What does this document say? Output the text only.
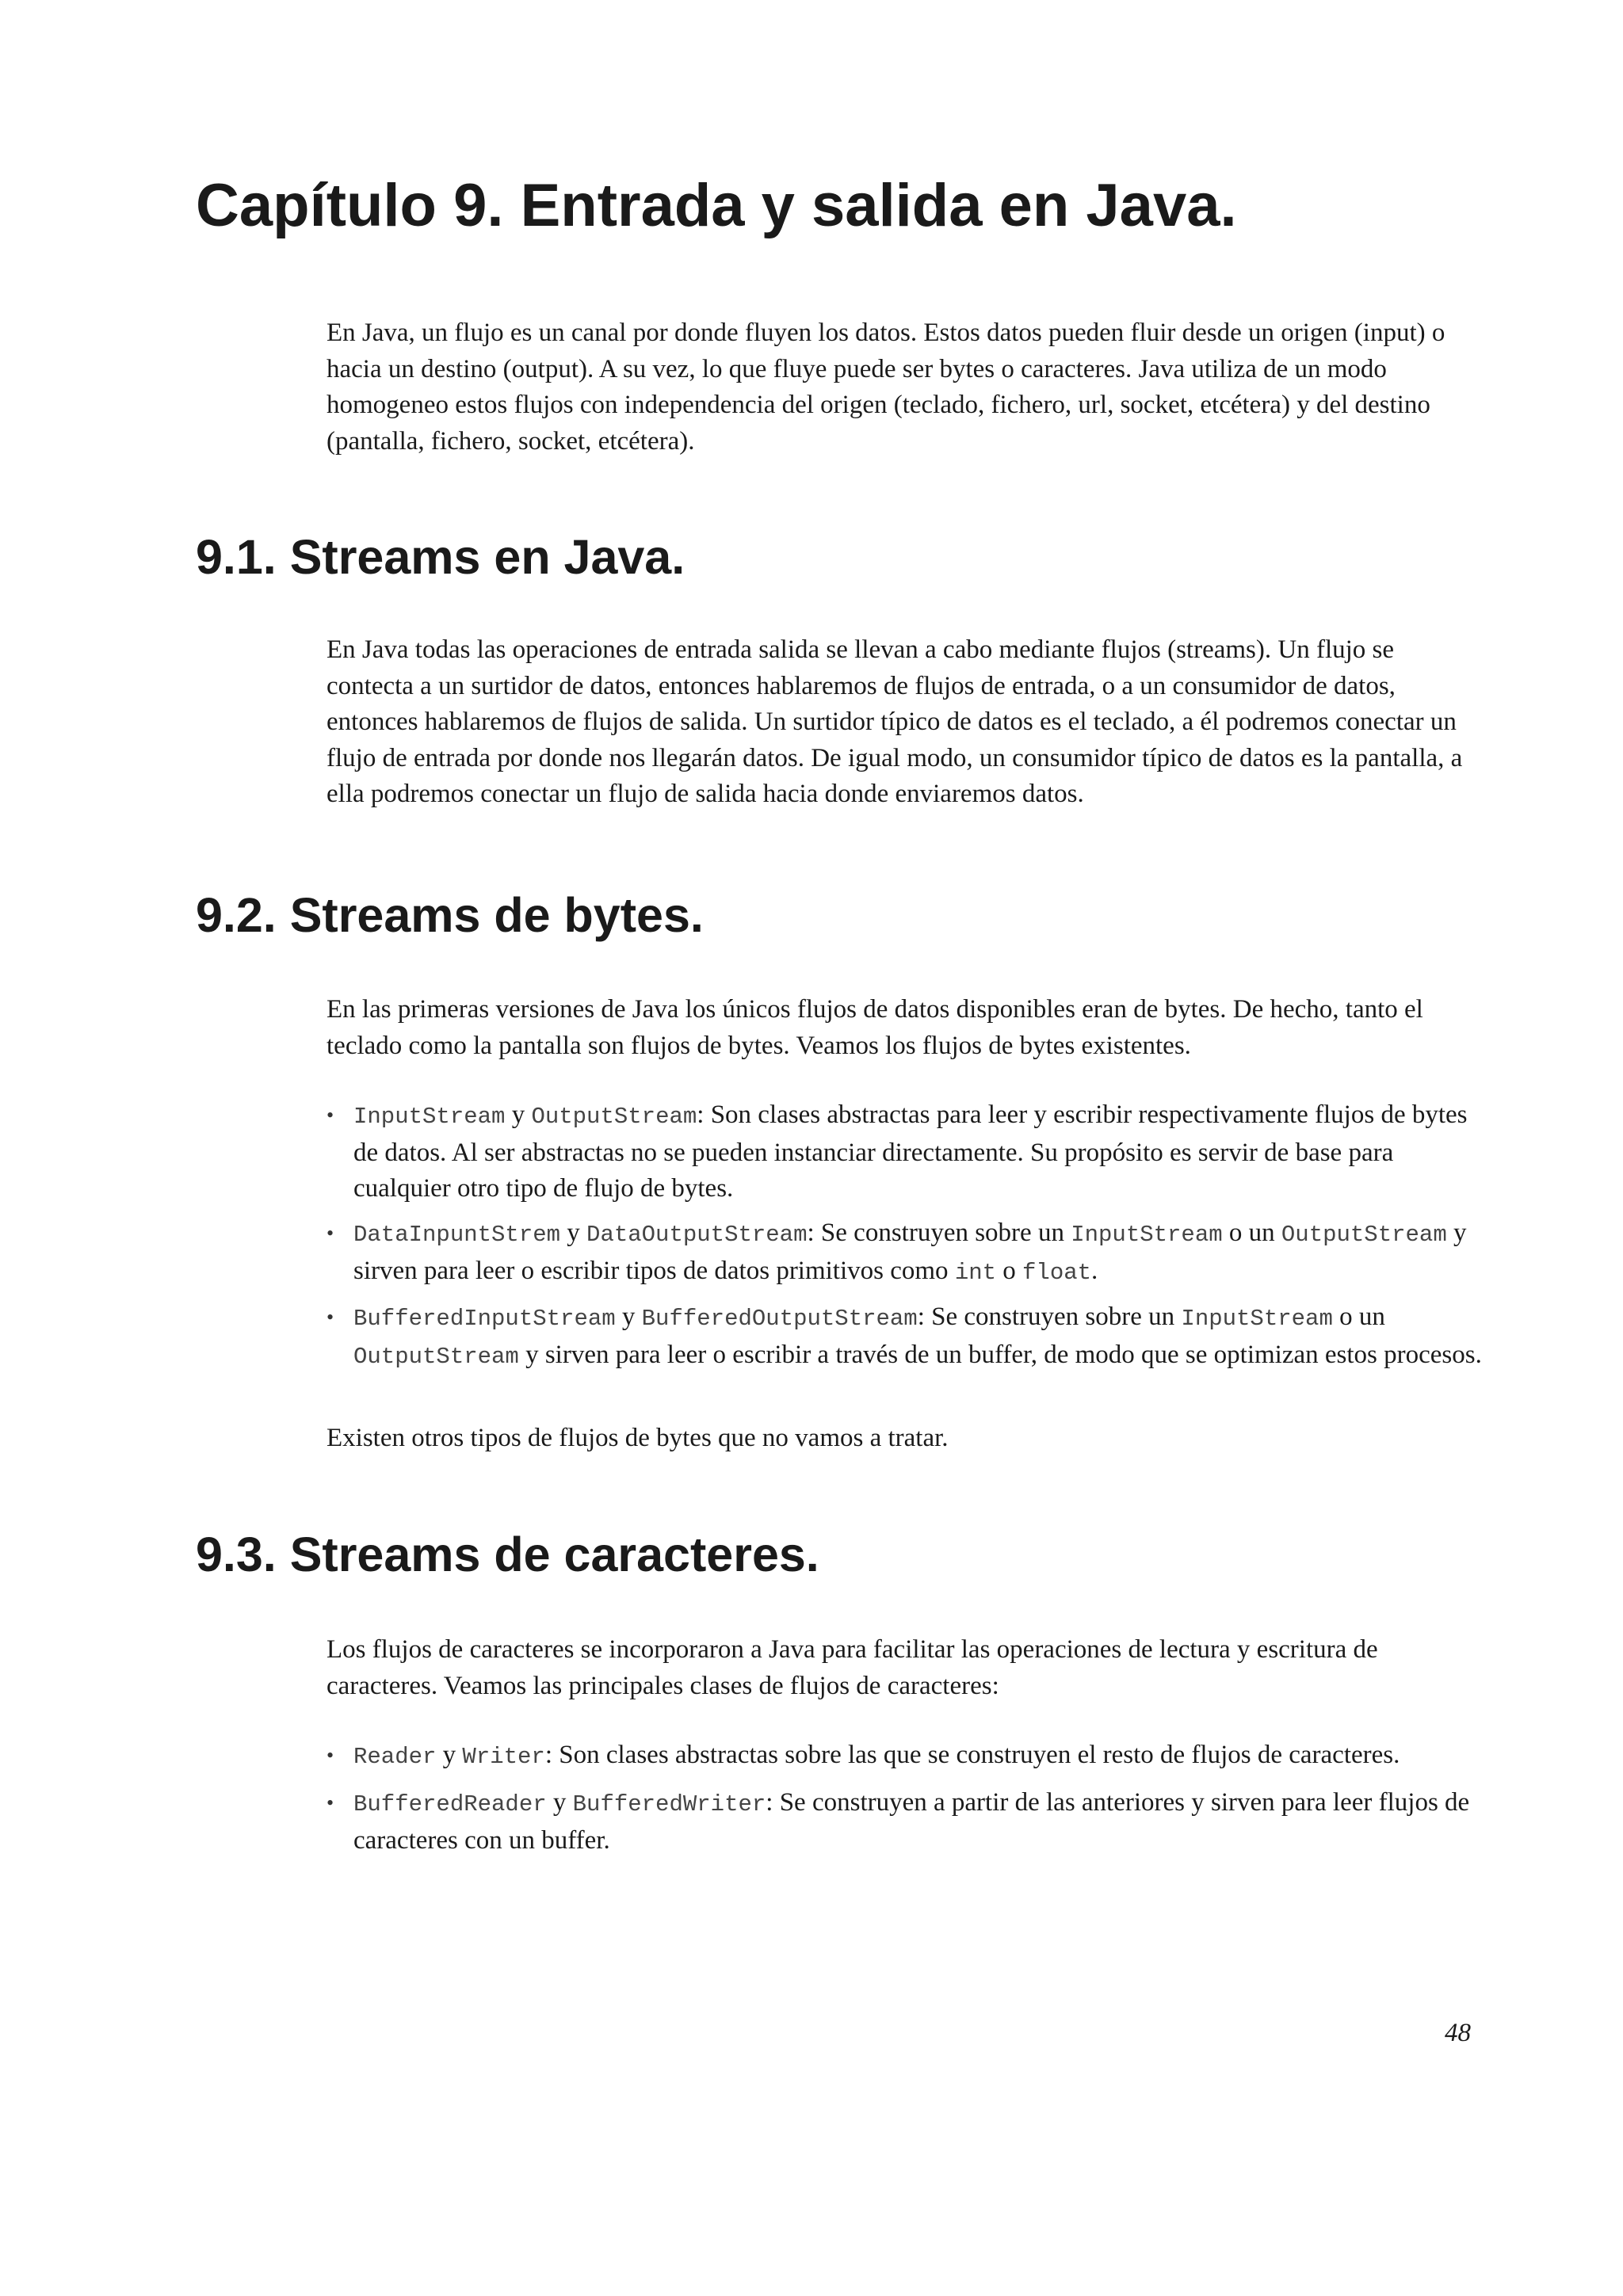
Capítulo 9. Entrada y salida en Java.

En Java, un flujo es un canal por donde fluyen los datos. Estos datos pueden fluir desde un origen (input) o hacia un destino (output). A su vez, lo que fluye puede ser bytes o caracteres. Java utiliza de un modo homogeneo estos flujos con independencia del origen (teclado, fichero, url, socket, etcétera) y del destino (pantalla, fichero, socket, etcétera).

9.1. Streams en Java.

En Java todas las operaciones de entrada salida se llevan a cabo mediante flujos (streams). Un flujo se contecta a un surtidor de datos, entonces hablaremos de flujos de entrada, o a un consumidor de datos, entonces hablaremos de flujos de salida. Un surtidor típico de datos es el teclado, a él podremos conectar un flujo de entrada por donde nos llegarán datos. De igual modo, un consumidor típico de datos es la pantalla, a ella podremos conectar un flujo de salida hacia donde enviaremos datos.

9.2. Streams de bytes.

En las primeras versiones de Java los únicos flujos de datos disponibles eran de bytes. De hecho, tanto el teclado como la pantalla son flujos de bytes. Veamos los flujos de bytes existentes.

• InputStream y OutputStream: Son clases abstractas para leer y escribir respectivamente flujos de bytes de datos. Al ser abstractas no se pueden instanciar directamente. Su propósito es servir de base para cualquier otro tipo de flujo de bytes.

• DataInpuntStrem y DataOutputStream: Se construyen sobre un InputStream o un OutputStream y sirven para leer o escribir tipos de datos primitivos como int o float.

• BufferedInputStream y BufferedOutputStream: Se construyen sobre un InputStream o un OutputStream y sirven para leer o escribir a través de un buffer, de modo que se optimizan estos procesos.

Existen otros tipos de flujos de bytes que no vamos a tratar.

9.3. Streams de caracteres.

Los flujos de caracteres se incorporaron a Java para facilitar las operaciones de lectura y escritura de caracteres. Veamos las principales clases de flujos de caracteres:

• Reader y Writer: Son clases abstractas sobre las que se construyen el resto de flujos de caracteres.

• BufferedReader y BufferedWriter: Se construyen a partir de las anteriores y sirven para leer flujos de caracteres con un buffer.

48
